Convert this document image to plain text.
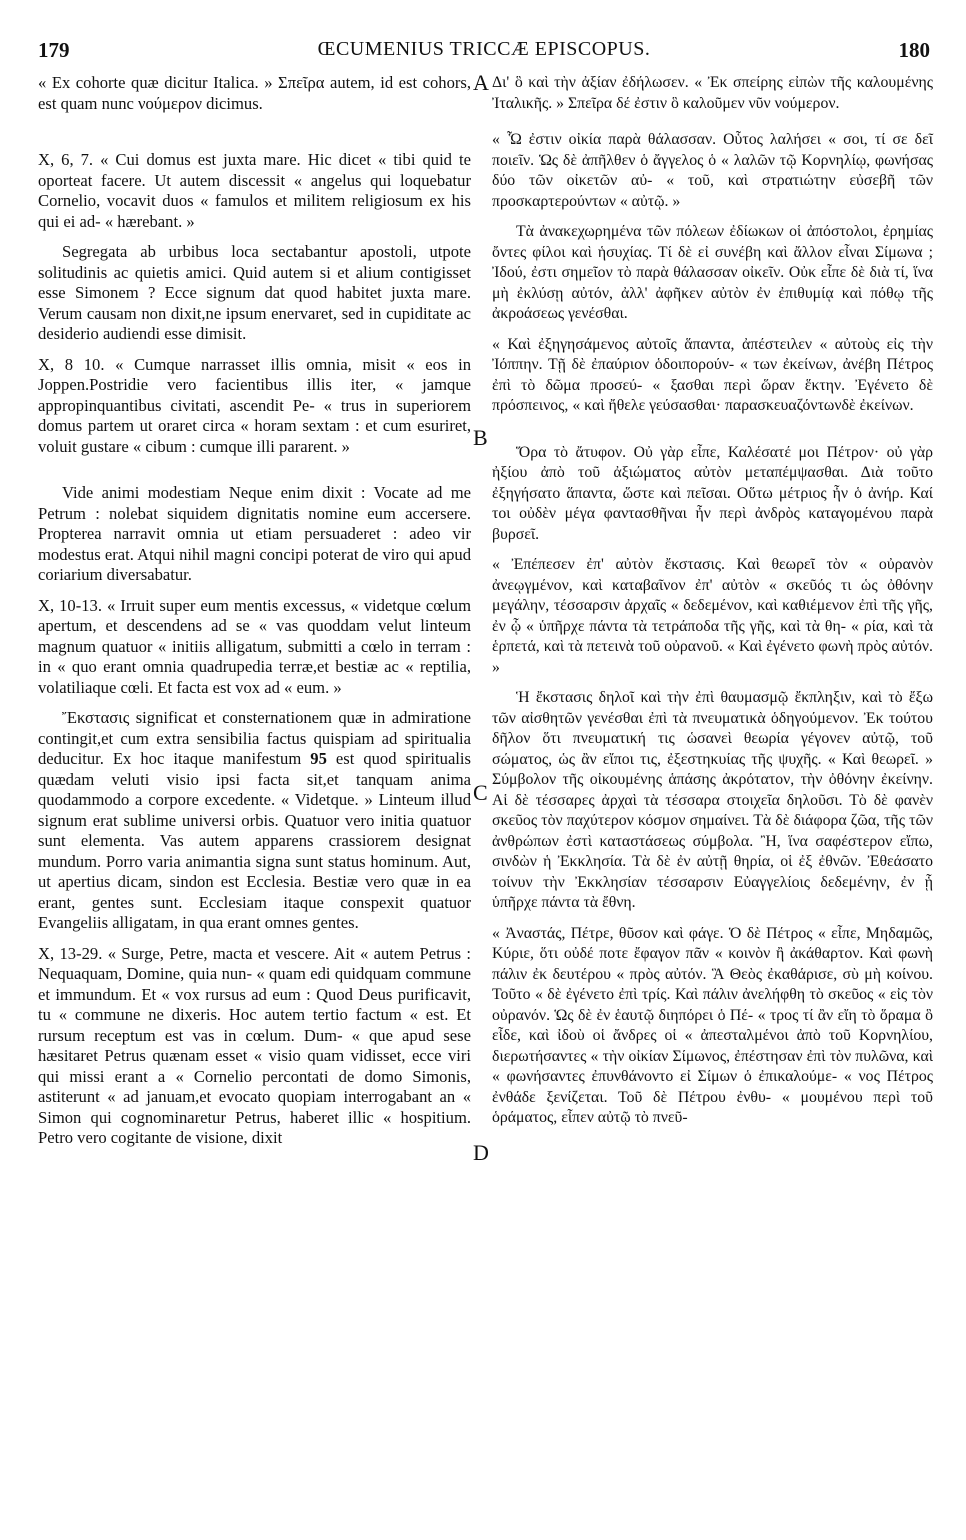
179	ŒCUMENIUS TRICCÆ EPISCOPUS.	180

« Ex cohorte quæ dicitur Italica. » Σπεῖρα autem, id est cohors, est quam nunc νούμερον dicimus.

X, 6, 7. « Cui domus est juxta mare. Hic dicet « tibi quid te oporteat facere. Ut autem discessit « angelus qui loquebatur Cornelio, vocavit duos « famulos et militem religiosum ex his qui ei ad- « hærebant. »

Segregata ab urbibus loca sectabantur apostoli, utpote solitudinis ac quietis amici. Quid autem si et alium contigisset esse Simonem ? Ecce signum dat quod habitet juxta mare. Verum causam non dixit,ne ipsum enervaret, sed in cupiditate ac desiderio audiendi esse dimisit.

X, 8 10. « Cumque narrasset illis omnia, misit « eos in Joppen.Postridie vero facientibus illis iter, « jamque appropinquantibus civitati, ascendit Pe- « trus in superiorem domus partem ut oraret circa « horam sextam : et cum esuriret, voluit gustare « cibum : cumque illi pararent. »

Vide animi modestiam Neque enim dixit : Vocate ad me Petrum : nolebat siquidem dignitatis nomine eum accersere. Propterea narravit omnia ut etiam persuaderet : adeo vir modestus erat. Atqui nihil magni concipi poterat de viro qui apud coriarium diversabatur.

X, 10-13. « Irruit super eum mentis excessus, « videtque cœlum apertum, et descendens ad se « vas quoddam velut linteum magnum quatuor « initiis alligatum, submitti a cœlo in terram : in « quo erant omnia quadrupedia terræ,et bestiæ ac « reptilia, volatiliaque cœli. Et facta est vox ad « eum. »

Ἔκστασις significat et consternationem quæ in admiratione contingit,et cum extra sensibilia factus quispiam ad spiritualia deducitur. Ex hoc itaque manifestum 95 est quod spiritualis quædam veluti visio ipsi facta sit,et tanquam anima quodammodo a corpore excedente. « Videtque. » Linteum illud signum erat sublime universi orbis. Quatuor vero initia quatuor sunt elementa. Vas autem apparens crassiorem designat mundum. Porro varia animantia signa sunt status hominum. Aut, ut apertius dicam, sindon est Ecclesia. Bestiæ vero quæ in ea erant, gentes sunt. Ecclesiam itaque conspexit quatuor Evangeliis alligatam, in qua erant omnes gentes.

X, 13-29. « Surge, Petre, macta et vescere. Ait « autem Petrus : Nequaquam, Domine, quia nun- « quam edi quidquam commune et immundum. Et « vox rursus ad eum : Quod Deus purificavit, tu « commune ne dixeris. Hoc autem tertio factum « est. Et rursum receptum est vas in cœlum. Dum- « que apud sese hæsitaret Petrus quænam esset « visio quam vidisset, ecce viri qui missi erant a « Cornelio percontati de domo Simonis, astiterunt « ad januam,et evocato quopiam interrogabant an « Simon qui cognominaretur Petrus, haberet illic « hospitium. Petro vero cogitante de visione, dixit

A
B
C
D

Δι' ὃ καὶ τὴν ἀξίαν ἐδήλωσεν. « Ἐκ σπείρης εἰπὼν τῆς καλουμένης Ἰταλικῆς. » Σπεῖρα δέ ἐστιν ὃ καλοῦμεν νῦν νούμερον.

« Ὧ ἐστιν οἰκία παρὰ θάλασσαν. Οὗτος λαλήσει « σοι, τί σε δεῖ ποιεῖν. Ὡς δὲ ἀπῆλθεν ὁ ἄγγελος ὁ « λαλῶν τῷ Κορνηλίῳ, φωνήσας δύο τῶν οἰκετῶν αὐ- « τοῦ, καὶ στρατιώτην εὐσεβῆ τῶν προσκαρτερούντων « αὐτῷ. »

Τὰ ἀνακεχωρημένα τῶν πόλεων ἐδίωκων οἱ ἀπόστολοι, ἐρημίας ὄντες φίλοι καὶ ἡσυχίας. Τί δὲ εἰ συνέβη καὶ ἄλλον εἶναι Σίμωνα ; Ἰδού, ἐστι σημεῖον τὸ παρὰ θάλασσαν οἰκεῖν. Οὐκ εἶπε δὲ διὰ τί, ἵνα μὴ ἐκλύσῃ αὐτόν, ἀλλ' ἀφῆκεν αὐτὸν ἐν ἐπιθυμίᾳ καὶ πόθῳ τῆς ἀκροάσεως γενέσθαι.

« Καὶ ἐξηγησάμενος αὐτοῖς ἅπαντα, ἀπέστειλεν « αὐτοὺς εἰς τὴν Ἰόππην. Τῇ δὲ ἐπαύριον ὁδοιπορούν- « των ἐκείνων, ἀνέβη Πέτρος ἐπὶ τὸ δῶμα προσεύ- « ξασθαι περὶ ὥραν ἕκτην. Ἐγένετο δὲ πρόσπεινος, « καὶ ἤθελε γεύσασθαι· παρασκευαζόντωνδὲ ἐκείνων.

Ὅρα τὸ ἄτυφον. Οὐ γὰρ εἶπε, Καλέσατέ μοι Πέτρον· οὐ γὰρ ἠξίου ἀπὸ τοῦ ἀξιώματος αὐτὸν μεταπέμψασθαι. Διὰ τοῦτο ἐξηγήσατο ἅπαντα, ὥστε καὶ πεῖσαι. Οὕτω μέτριος ἦν ὁ ἀνήρ. Καί τοι οὐδὲν μέγα φαντασθῆναι ἦν περὶ ἀνδρὸς καταγομένου παρὰ βυρσεῖ.

« Ἐπέπεσεν ἐπ' αὐτὸν ἔκστασις. Καὶ θεωρεῖ τὸν « οὐρανὸν ἀνεῳγμένον, καὶ καταβαῖνον ἐπ' αὐτὸν « σκεῦός τι ὡς ὀθόνην μεγάλην, τέσσαρσιν ἀρχαῖς « δεδεμένον, καὶ καθιέμενον ἐπὶ τῆς γῆς, ἐν ᾧ « ὑπῆρχε πάντα τὰ τετράποδα τῆς γῆς, καὶ τὰ θη- « ρία, καὶ τὰ ἑρπετά, καὶ τὰ πετεινὰ τοῦ οὐρανοῦ. « Καὶ ἐγένετο φωνὴ πρὸς αὐτόν. »

Ἡ ἔκστασις δηλοῖ καὶ τὴν ἐπὶ θαυμασμῷ ἔκπληξιν, καὶ τὸ ἔξω τῶν αἰσθητῶν γενέσθαι ἐπὶ τὰ πνευματικὰ ὁδηγούμενον. Ἐκ τούτου δῆλον ὅτι πνευματική τις ὡσανεὶ θεωρία γέγονεν αὐτῷ, τοῦ σώματος, ὡς ἂν εἴποι τις, ἐξεστηκυίας τῆς ψυχῆς. « Καὶ θεωρεῖ. » Σύμβολον τῆς οἰκουμένης ἁπάσης ἀκρότατον, τὴν ὀθόνην ἐκείνην. Αἱ δὲ τέσσαρες ἀρχαὶ τὰ τέσσαρα στοιχεῖα δηλοῦσι. Τὸ δὲ φανὲν σκεῦος τὸν παχύτερον κόσμον σημαίνει. Τὰ δὲ διάφορα ζῶα, τῆς τῶν ἀνθρώπων ἐστὶ καταστάσεως σύμβολα. Ἢ, ἵνα σαφέστερον εἴπω, σινδὼν ἡ Ἐκκλησία. Τὰ δὲ ἐν αὐτῇ θηρία, οἱ ἐξ ἐθνῶν. Ἐθεάσατο τοίνυν τὴν Ἐκκλησίαν τέσσαρσιν Εὐαγγελίοις δεδεμένην, ἐν ᾗ ὑπῆρχε πάντα τὰ ἔθνη.

« Ἀναστάς, Πέτρε, θῦσον καὶ φάγε. Ὁ δὲ Πέτρος « εἶπε, Μηδαμῶς, Κύριε, ὅτι οὐδέ ποτε ἔφαγον πᾶν « κοινὸν ἢ ἀκάθαρτον. Καὶ φωνὴ πάλιν ἐκ δευτέρου « πρὸς αὐτόν. Ἃ Θεὸς ἐκαθάρισε, σὺ μὴ κοίνου. Τοῦτο « δὲ ἐγένετο ἐπὶ τρίς. Καὶ πάλιν ἀνελήφθη τὸ σκεῦος « εἰς τὸν οὐρανόν. Ὡς δὲ ἐν ἑαυτῷ διηπόρει ὁ Πέ- « τρος τί ἂν εἴη τὸ ὅραμα ὃ εἶδε, καὶ ἰδοὺ οἱ ἄνδρες οἱ « ἀπεσταλμένοι ἀπὸ τοῦ Κορνηλίου, διερωτήσαντες « τὴν οἰκίαν Σίμωνος, ἐπέστησαν ἐπὶ τὸν πυλῶνα, καὶ « φωνήσαντες ἐπυνθάνοντο εἰ Σίμων ὁ ἐπικαλούμε- « νος Πέτρος ἐνθάδε ξενίζεται. Τοῦ δὲ Πέτρου ἐνθυ- « μουμένου περὶ τοῦ ὁράματος, εἶπεν αὐτῷ τὸ πνεῦ-
